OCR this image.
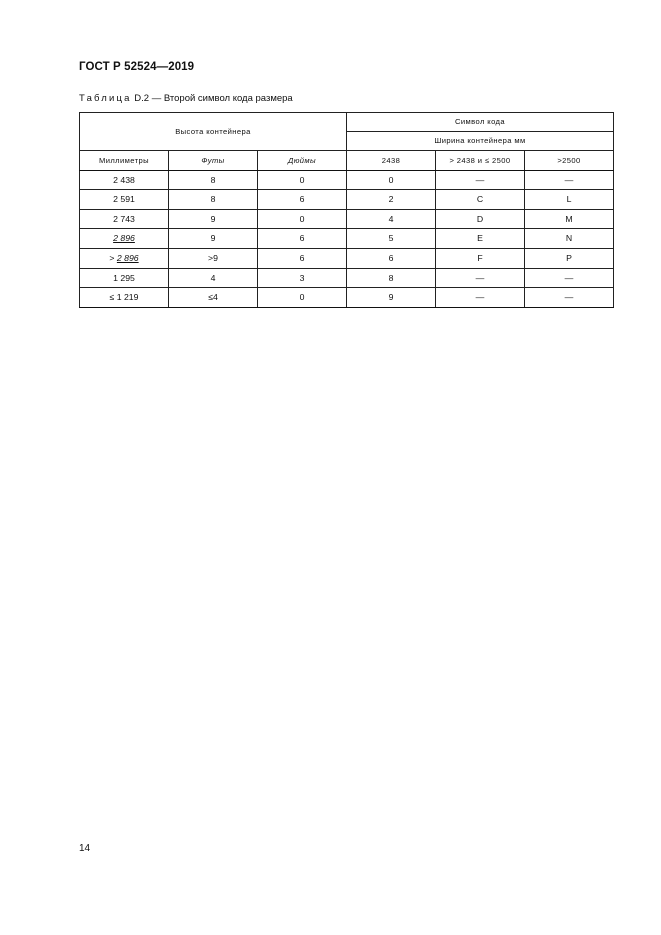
ГОСТ Р 52524—2019
Таблица D.2 — Второй символ кода размера
Высота контейнера			Символ кода		
			Ширина контейнера мм		
Миллиметры	Футы	Дюймы	2438	> 2438 и ≤ 2500	>2500
2 438	8	0	0	—	—
2 591	8	6	2	C	L
2 743	9	0	4	D	M
2 896	9	6	5	E	N
> 2 896	>9	6	6	F	P
1 295	4	3	8	—	—
≤ 1 219	≤4	0	9	—	—
14
